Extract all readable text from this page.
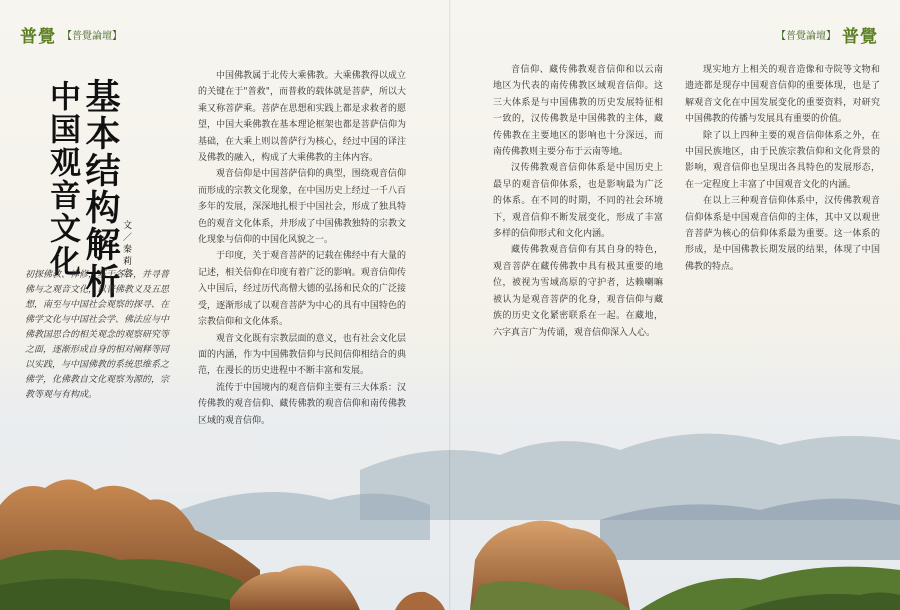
普覺 【普覺論壇】	【普覺論壇】 普覺
基本结构解析
中国观音文化	文／秦莉宏
初探佛教、禅修，基于各各，并寻普佛与之观音文化，以普佛教义及五思想，南至与中国社会观察的探寻、在佛学文化与中国社会学、佛法应与中佛教国思合的相关观念的观察研究等之面，逐渐形成自身的相对阐释等同以实践，与中国佛教的系统思维系之佛学，化佛教自文化观察为源的，宗教等观与有构成。

中国佛教属于北传大乘佛教。大乘佛教得以成立的关键在于"普救"，而普救的载体就是菩萨，所以大乘又称菩萨乘。菩萨在思想和实践上都是求救者的愿望，中国大乘佛教在基本理论框架也都是菩萨信仰为基础，在大乘上则以普萨行为核心，经过中国的译注及佛教的融入，构成了大乘佛教的主体内容。

观音信仰是中国菩萨信仰的典型，围绕观音信仰而形成的宗教文化现象，在中国历史上经过一千八百多年的发展，深深地扎根于中国社会，形成了独具特色的观音文化体系，并形成了中国佛教独特的宗教文化现象与信仰的中国化风貌之一。

于印度，关于观音菩萨的记载在佛经中有大量的记述，相关信仰在印度有着广泛的影响。观音信仰传入中国后，经过历代高僧大德的弘扬和民众的广泛接受，逐渐形成了以观音菩萨为中心的具有中国特色的宗教信仰和文化体系。

观音文化既有宗教层面的意义，也有社会文化层面的内涵，作为中国佛教信仰与民间信仰相结合的典范，在漫长的历史进程中不断丰富和发展。

流传于中国境内的观音信仰主要有三大体系：汉传佛教的观音信仰、藏传佛教的观音信仰和南传佛教区域的观音信仰。

音信仰、藏传佛教观音信仰和以云南地区为代表的南传佛教区域观音信仰。这三大体系是与中国佛教的历史发展特征相一致的，汉传佛教是中国佛教的主体，藏传佛教在主要地区的影响也十分深远，而南传佛教则主要分布于云南等地。

汉传佛教观音信仰体系是中国历史上最早的观音信仰体系，也是影响最为广泛的体系。在不同的时期，不同的社会环境下，观音信仰不断发展变化，形成了丰富多样的信仰形式和文化内涵。

藏传佛教观音信仰有其自身的特色，观音菩萨在藏传佛教中具有极其重要的地位，被视为雪域高原的守护者，达赖喇嘛被认为是观音菩萨的化身，观音信仰与藏族的历史文化紧密联系在一起。在藏地，六字真言广为传诵，观音信仰深入人心。

现实地方上相关的观音造像和寺院等文物和遗迹都是现存中国观音信仰的重要体现，也是了解观音文化在中国发展变化的重要资料，对研究中国佛教的传播与发展具有重要的价值。

除了以上四种主要的观音信仰体系之外，在中国民族地区，由于民族宗教信仰和文化背景的影响，观音信仰也呈现出各具特色的发展形态，在一定程度上丰富了中国观音文化的内涵。

在以上三种观音信仰体系中，汉传佛教观音信仰体系是中国观音信仰的主体，其中又以观世音菩萨为核心的信仰体系最为重要。这一体系的形成，是中国佛教长期发展的结果，体现了中国佛教的特点。
